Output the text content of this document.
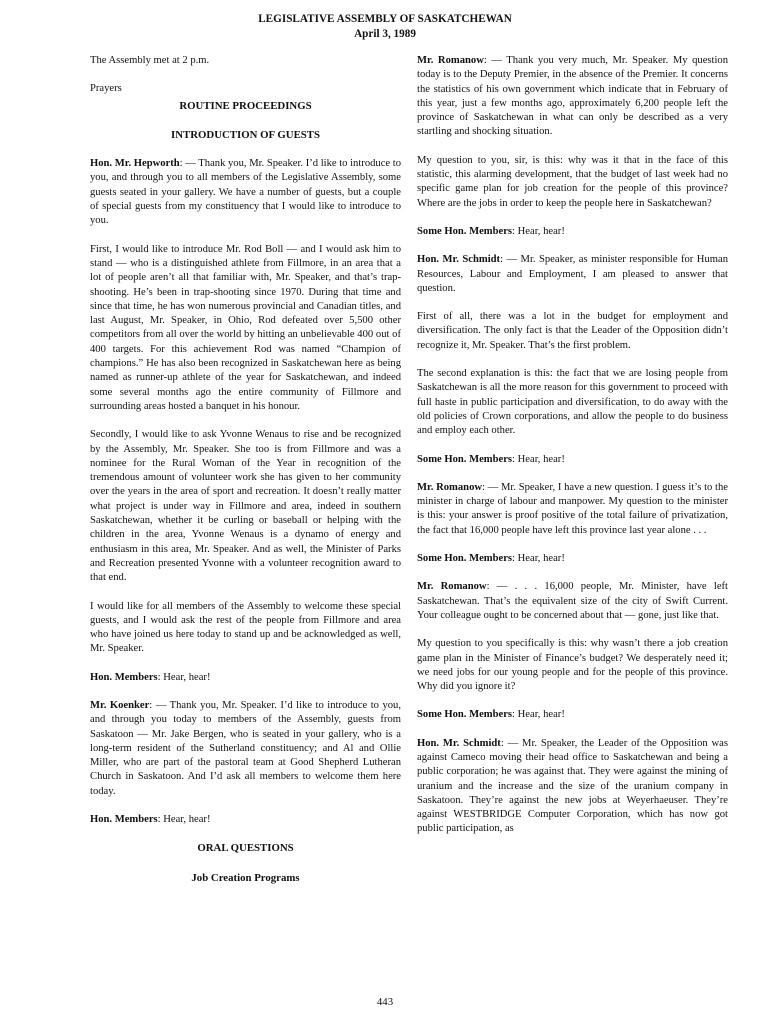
LEGISLATIVE ASSEMBLY OF SASKATCHEWAN
April 3, 1989

The Assembly met at 2 p.m.

Prayers

ROUTINE PROCEEDINGS
INTRODUCTION OF GUESTS

Hon. Mr. Hepworth: — Thank you, Mr. Speaker. I’d like to introduce to you, and through you to all members of the Legislative Assembly, some guests seated in your gallery. We have a number of guests, but a couple of special guests from my constituency that I would like to introduce to you.

First, I would like to introduce Mr. Rod Boll — and I would ask him to stand — who is a distinguished athlete from Fillmore, in an area that a lot of people aren’t all that familiar with, Mr. Speaker, and that’s trap-shooting. He’s been in trap-shooting since 1970. During that time and since that time, he has won numerous provincial and Canadian titles, and last August, Mr. Speaker, in Ohio, Rod defeated over 5,500 other competitors from all over the world by hitting an unbelievable 400 out of 400 targets. For this achievement Rod was named “Champion of champions.” He has also been recognized in Saskatchewan here as being named as runner-up athlete of the year for Saskatchewan, and indeed some several months ago the entire community of Fillmore and surrounding areas hosted a banquet in his honour.

Secondly, I would like to ask Yvonne Wenaus to rise and be recognized by the Assembly, Mr. Speaker. She too is from Fillmore and was a nominee for the Rural Woman of the Year in recognition of the tremendous amount of volunteer work she has given to her community over the years in the area of sport and recreation. It doesn’t really matter what project is under way in Fillmore and area, indeed in southern Saskatchewan, whether it be curling or baseball or helping with the children in the area, Yvonne Wenaus is a dynamo of energy and enthusiasm in this area, Mr. Speaker. And as well, the Minister of Parks and Recreation presented Yvonne with a volunteer recognition award to that end.

I would like for all members of the Assembly to welcome these special guests, and I would ask the rest of the people from Fillmore and area who have joined us here today to stand up and be acknowledged as well, Mr. Speaker.

Hon. Members: Hear, hear!

Mr. Koenker: — Thank you, Mr. Speaker. I’d like to introduce to you, and through you today to members of the Assembly, guests from Saskatoon — Mr. Jake Bergen, who is seated in your gallery, who is a long-term resident of the Sutherland constituency; and Al and Ollie Miller, who are part of the pastoral team at Good Shepherd Lutheran Church in Saskatoon. And I’d ask all members to welcome them here today.

Hon. Members: Hear, hear!

ORAL QUESTIONS
Job Creation Programs

Mr. Romanow: — Thank you very much, Mr. Speaker. My question today is to the Deputy Premier, in the absence of the Premier. It concerns the statistics of his own government which indicate that in February of this year, just a few months ago, approximately 6,200 people left the province of Saskatchewan in what can only be described as a very startling and shocking situation.

My question to you, sir, is this: why was it that in the face of this statistic, this alarming development, that the budget of last week had no specific game plan for job creation for the people of this province? Where are the jobs in order to keep the people here in Saskatchewan?

Some Hon. Members: Hear, hear!

Hon. Mr. Schmidt: — Mr. Speaker, as minister responsible for Human Resources, Labour and Employment, I am pleased to answer that question.

First of all, there was a lot in the budget for employment and diversification. The only fact is that the Leader of the Opposition didn’t recognize it, Mr. Speaker. That’s the first problem.

The second explanation is this: the fact that we are losing people from Saskatchewan is all the more reason for this government to proceed with full haste in public participation and diversification, to do away with the old policies of Crown corporations, and allow the people to do business and employ each other.

Some Hon. Members: Hear, hear!

Mr. Romanow: — Mr. Speaker, I have a new question. I guess it’s to the minister in charge of labour and manpower. My question to the minister is this: your answer is proof positive of the total failure of privatization, the fact that 16,000 people have left this province last year alone . . .

Some Hon. Members: Hear, hear!

Mr. Romanow: — . . . 16,000 people, Mr. Minister, have left Saskatchewan. That’s the equivalent size of the city of Swift Current. Your colleague ought to be concerned about that — gone, just like that.

My question to you specifically is this: why wasn’t there a job creation game plan in the Minister of Finance’s budget? We desperately need it; we need jobs for our young people and for the people of this province. Why did you ignore it?

Some Hon. Members: Hear, hear!

Hon. Mr. Schmidt: — Mr. Speaker, the Leader of the Opposition was against Cameco moving their head office to Saskatchewan and being a public corporation; he was against that. They were against the mining of uranium and the increase and the size of the uranium company in Saskatoon. They’re against the new jobs at Weyerhaeuser. They’re against WESTBRIDGE Computer Corporation, which has now got public participation, as

443
